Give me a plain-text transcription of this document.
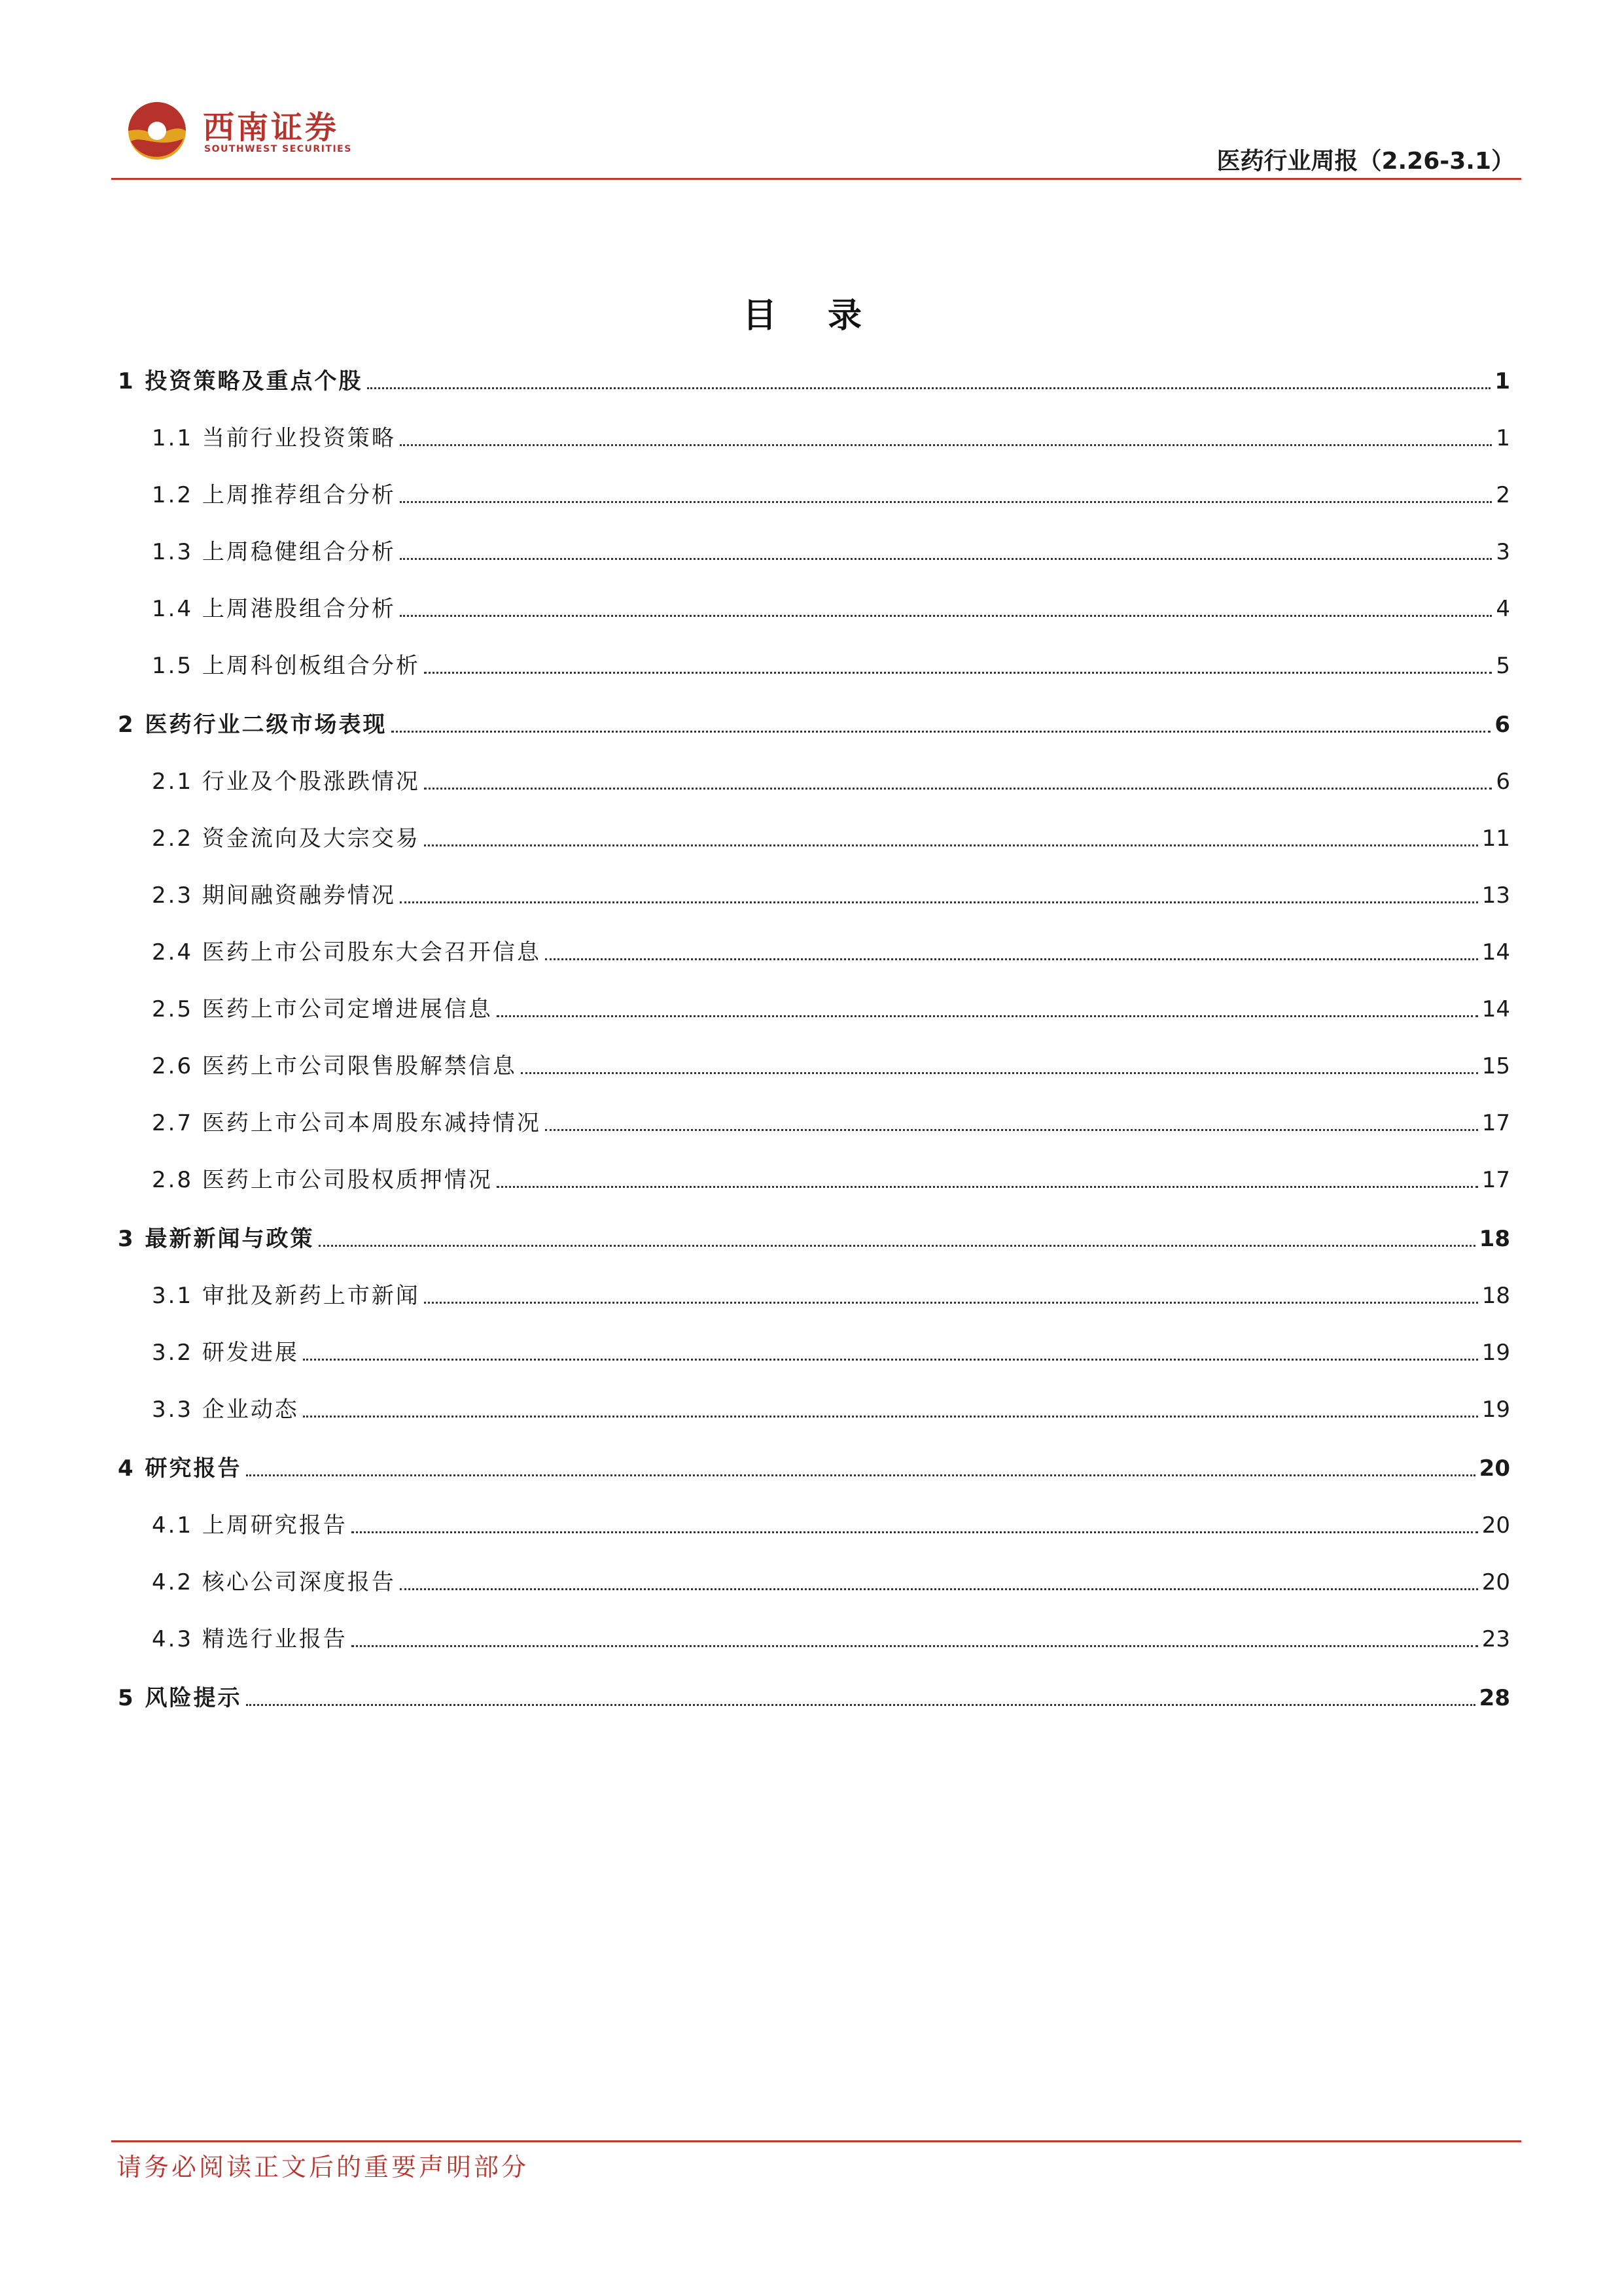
西南证券
SOUTHWEST SECURITIES	医药行业周报（2.26-3.1）
目 录
1 投资策略及重点个股	1
1.1 当前行业投资策略	1
1.2 上周推荐组合分析	2
1.3 上周稳健组合分析	3
1.4 上周港股组合分析	4
1.5 上周科创板组合分析	5
2 医药行业二级市场表现	6
2.1 行业及个股涨跌情况	6
2.2 资金流向及大宗交易	11
2.3 期间融资融券情况	13
2.4 医药上市公司股东大会召开信息	14
2.5 医药上市公司定增进展信息	14
2.6 医药上市公司限售股解禁信息	15
2.7 医药上市公司本周股东减持情况	17
2.8 医药上市公司股权质押情况	17
3 最新新闻与政策	18
3.1 审批及新药上市新闻	18
3.2 研发进展	19
3.3 企业动态	19
4 研究报告	20
4.1 上周研究报告	20
4.2 核心公司深度报告	20
4.3 精选行业报告	23
5 风险提示	28
请务必阅读正文后的重要声明部分
